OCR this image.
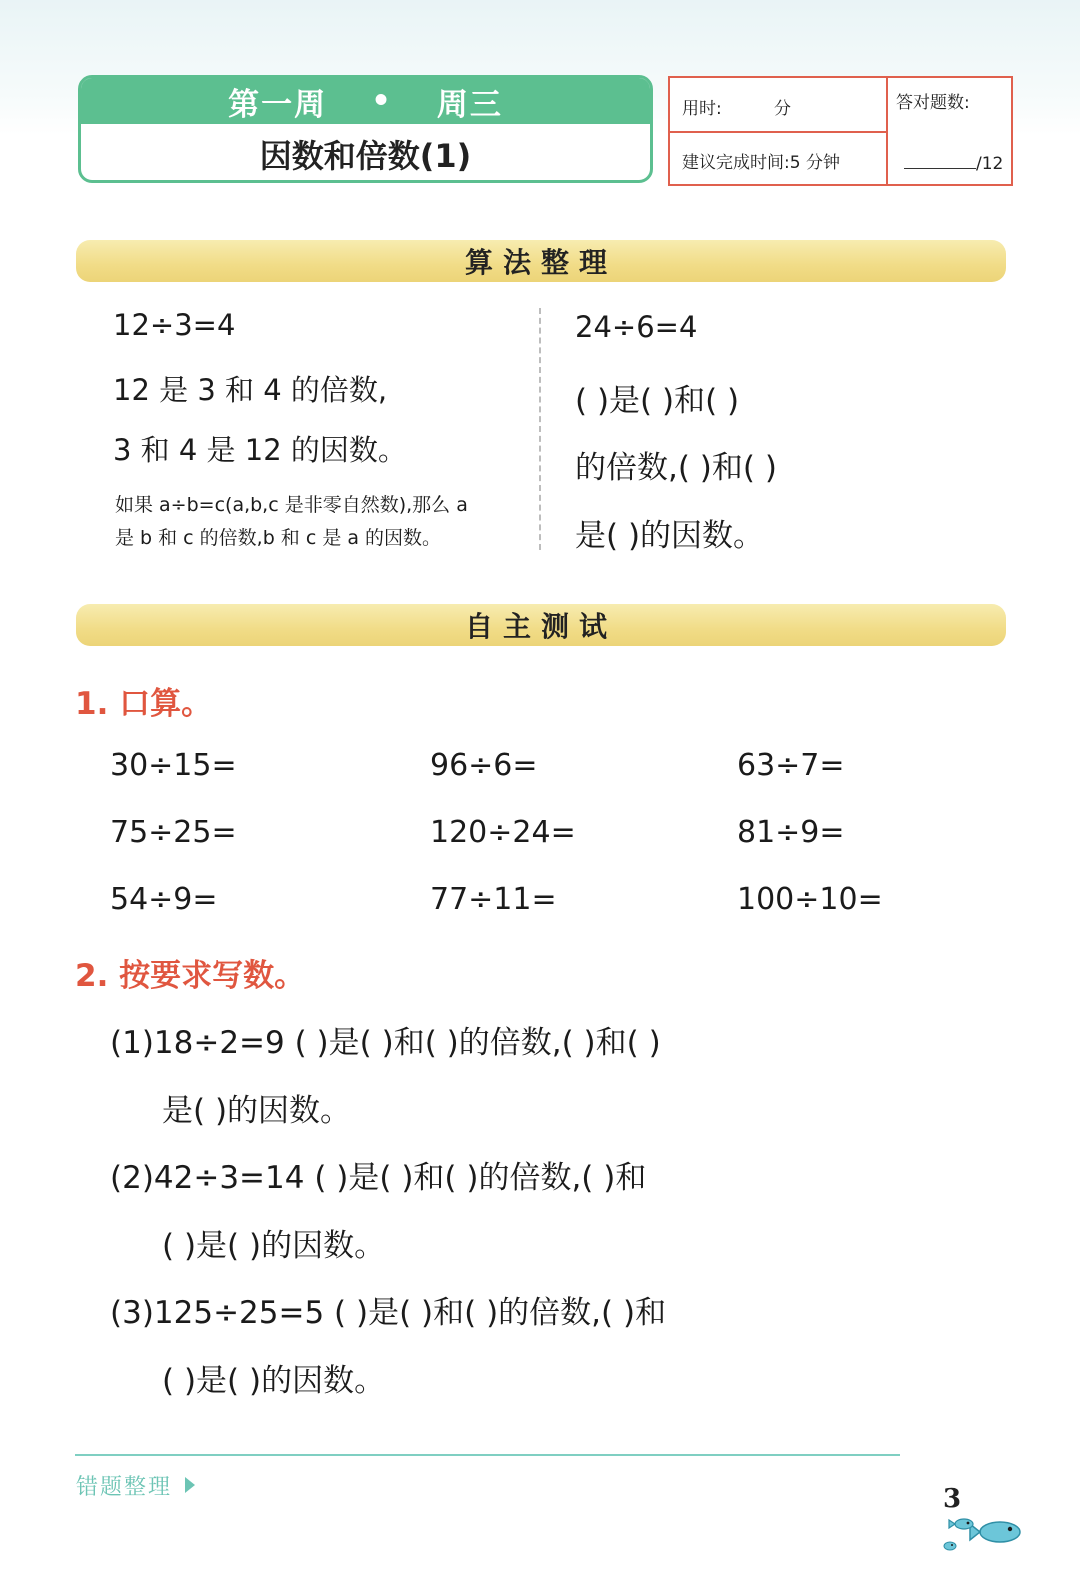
第一周 • 周三
因数和倍数(1)
用时:	分
建议完成时间:5 分钟
答对题数:
/12
算法整理
12÷3=4
12 是 3 和 4 的倍数,
3 和 4 是 12 的因数。
如果 a÷b=c(a,b,c 是非零自然数),那么 a
是 b 和 c 的倍数,b 和 c 是 a 的因数。
24÷6=4
( )是( )和( )
的倍数,( )和( )
是( )的因数。
自主测试
1. 口算。
30÷15=	96÷6=	63÷7=
75÷25=	120÷24=	81÷9=
54÷9=	77÷11=	100÷10=
2. 按要求写数。
(1)18÷2=9 ( )是( )和( )的倍数,( )和( )
是( )的因数。
(2)42÷3=14 ( )是( )和( )的倍数,( )和
( )是( )的因数。
(3)125÷25=5 ( )是( )和( )的倍数,( )和
( )是( )的因数。
错题整理	3
